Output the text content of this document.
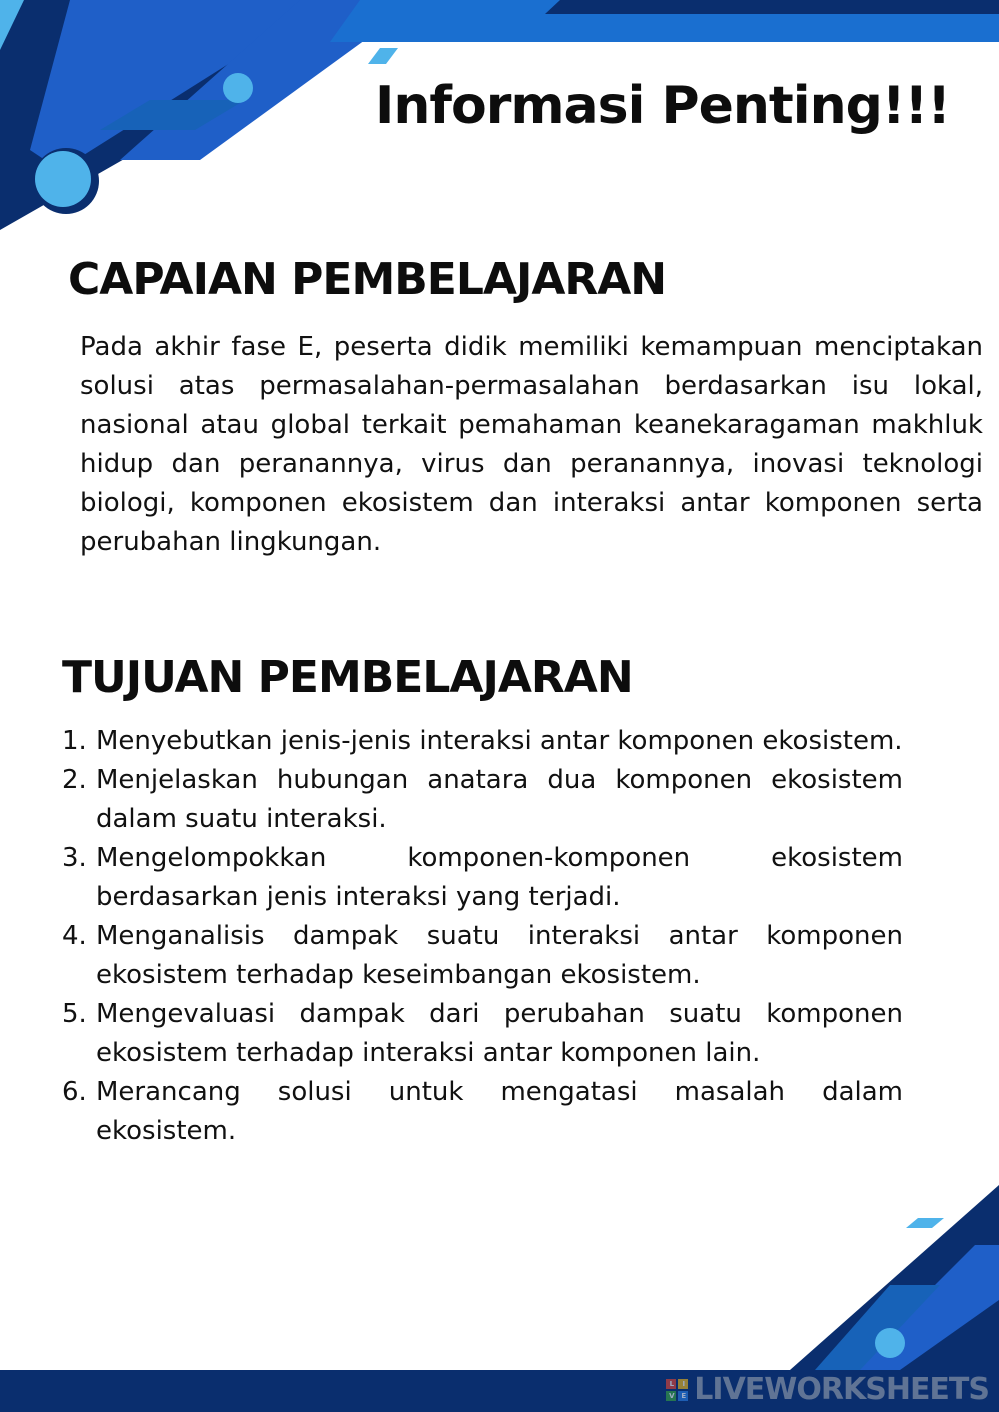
Informasi Penting!!!
CAPAIAN PEMBELAJARAN

Pada akhir fase E, peserta didik memiliki kemampuan menciptakan solusi atas permasalahan-permasalahan berdasarkan isu lokal, nasional atau global terkait pemahaman keanekaragaman makhluk hidup dan peranannya, virus dan peranannya, inovasi teknologi biologi, komponen ekosistem dan interaksi antar komponen serta perubahan lingkungan.

TUJUAN PEMBELAJARAN
1. Menyebutkan jenis-jenis interaksi antar komponen ekosistem.
2. Menjelaskan hubungan anatara dua komponen ekosistem dalam suatu interaksi.
3. Mengelompokkan komponen-komponen ekosistem berdasarkan jenis interaksi yang terjadi.
4. Menganalisis dampak suatu interaksi antar komponen ekosistem terhadap keseimbangan ekosistem.
5. Mengevaluasi dampak dari perubahan suatu komponen ekosistem terhadap interaksi antar komponen lain.
6. Merancang solusi untuk mengatasi masalah dalam ekosistem.
L	I
V	E LIVEWORKSHEETS
